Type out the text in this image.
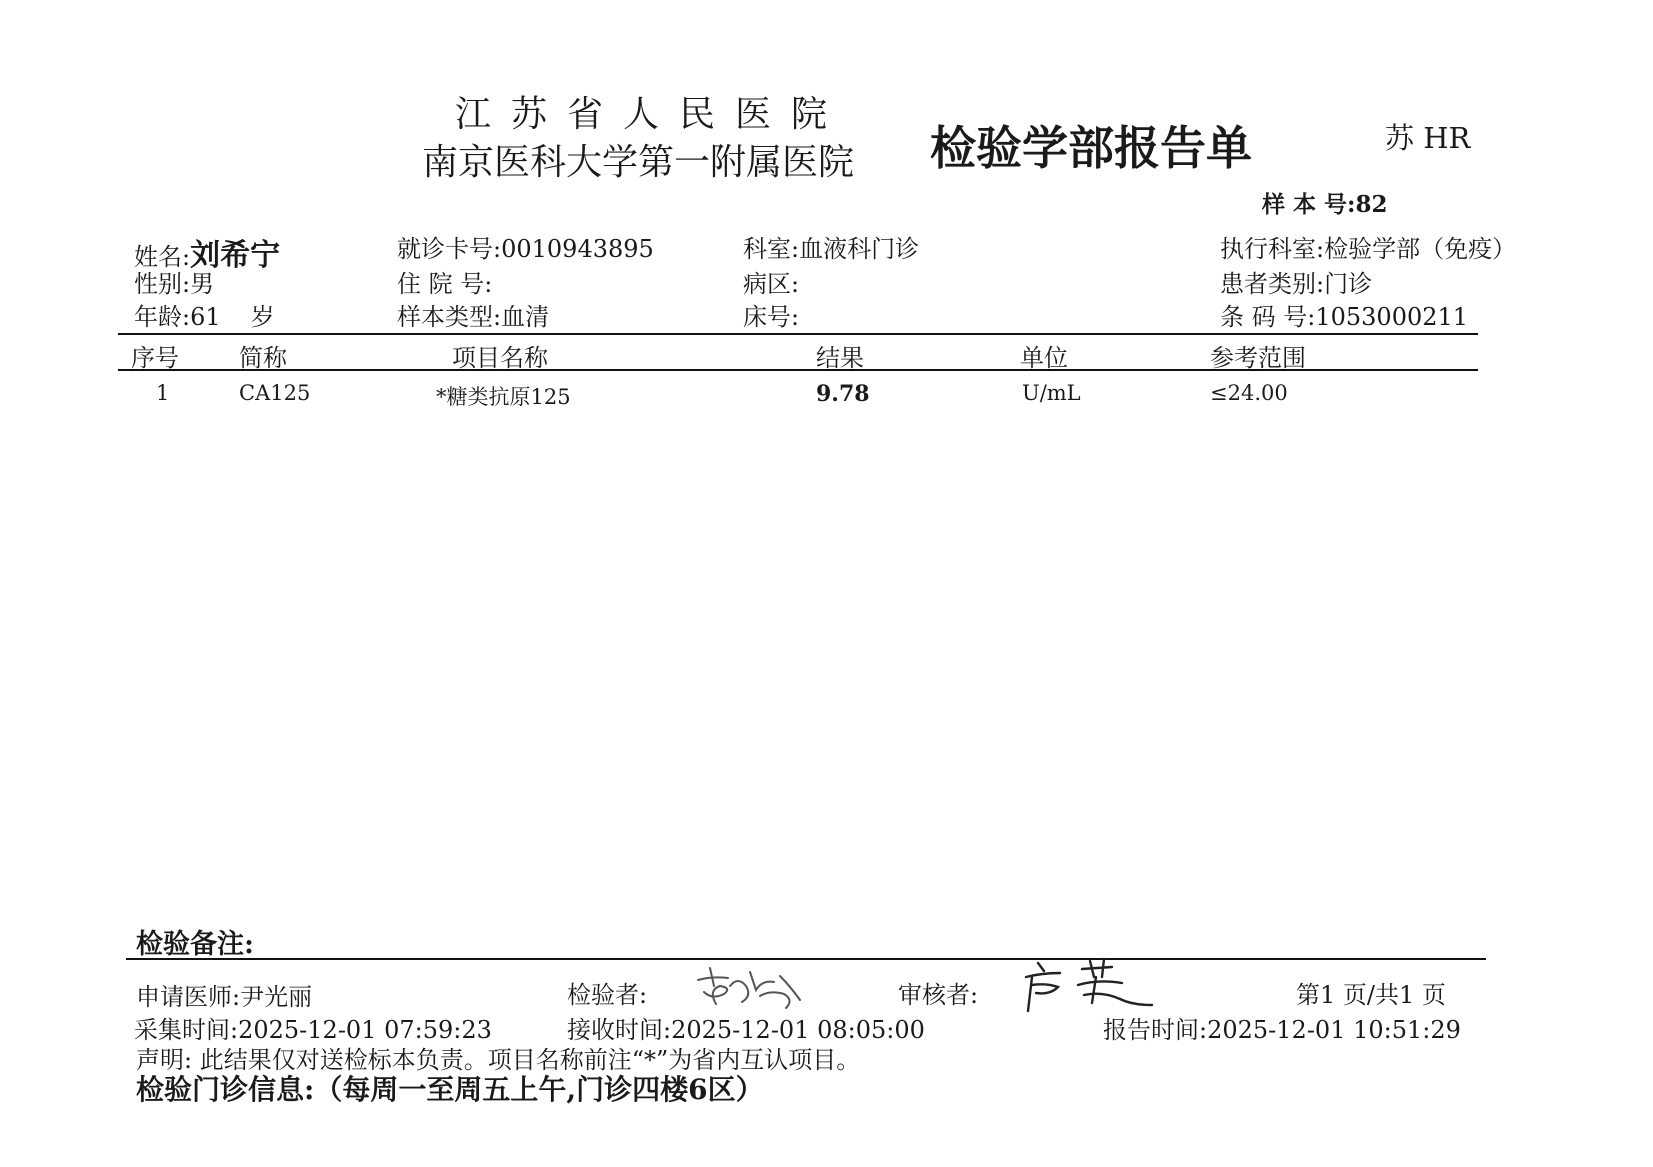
江苏省人民医院
南京医科大学第一附属医院 检验学部报告单	苏 HR
样 本 号:82
姓名:刘希宁	就诊卡号:0010943895	科室:血液科门诊	执行科室:检验学部（免疫）
性别:男	住 院 号:	病区:	患者类别:门诊
年龄:61 岁	样本类型:血清	床号:	条 码 号:1053000211
序号	简称	项目名称	结果	单位	参考范围
1	CA125	*糖类抗原125	9.78	U/mL	≤24.00
检验备注:
申请医师:尹光丽	检验者:	审核者:	第1 页/共1 页
采集时间:2025-12-01 07:59:23	接收时间:2025-12-01 08:05:00	报告时间:2025-12-01 10:51:29
声明: 此结果仅对送检标本负责。项目名称前注“*”为省内互认项目。
检验门诊信息:（每周一至周五上午,门诊四楼6区）
